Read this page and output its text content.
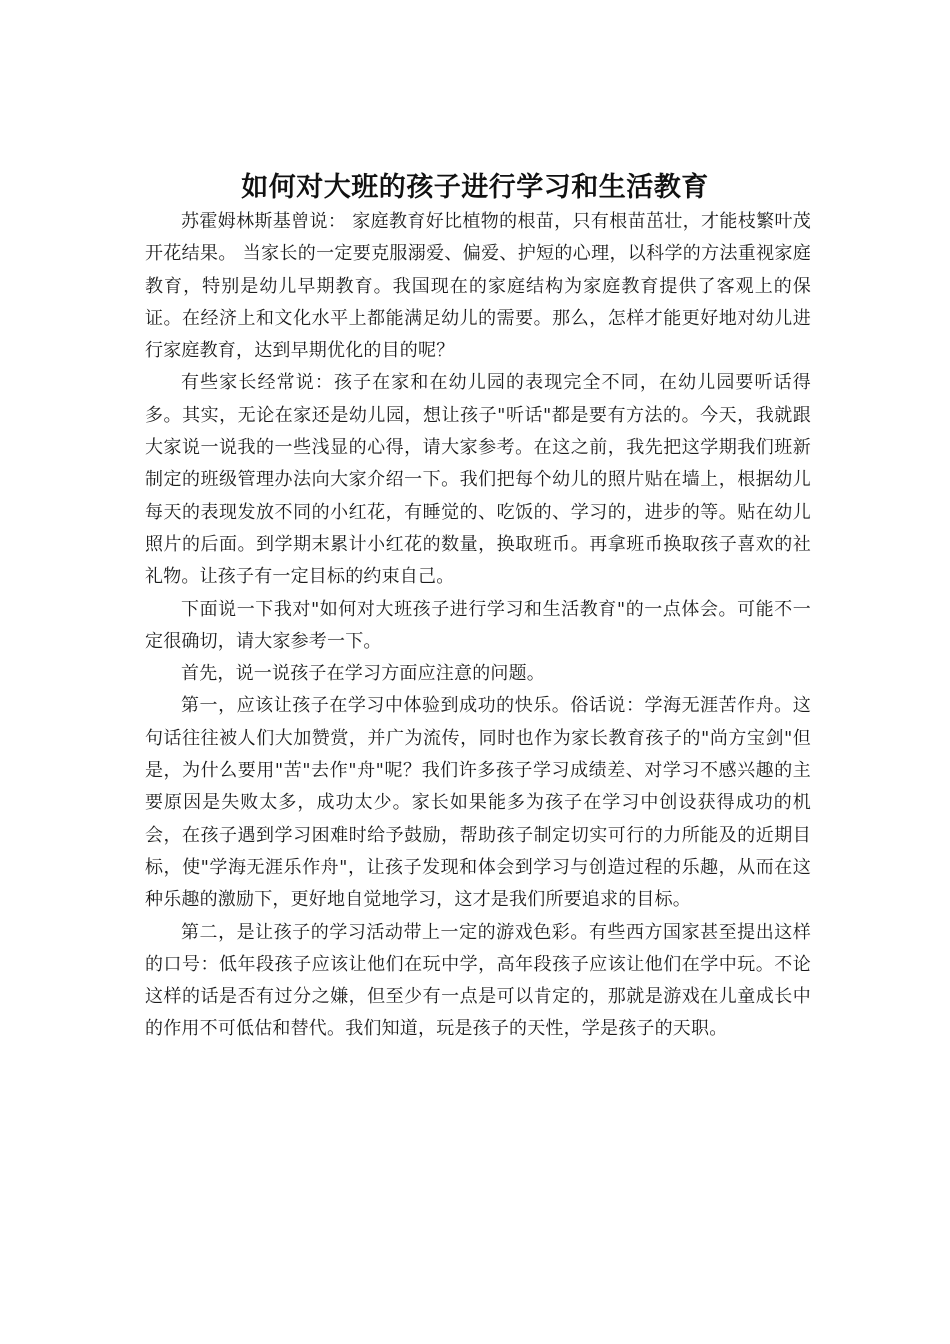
如何对大班的孩子进行学习和生活教育

苏霍姆林斯基曾说： 家庭教育好比植物的根苗，只有根苗茁壮，才能枝繁叶茂开花结果。 当家长的一定要克服溺爱、偏爱、护短的心理，以科学的方法重视家庭教育，特别是幼儿早期教育。我国现在的家庭结构为家庭教育提供了客观上的保证。在经济上和文化水平上都能满足幼儿的需要。那么，怎样才能更好地对幼儿进行家庭教育，达到早期优化的目的呢？

有些家长经常说：孩子在家和在幼儿园的表现完全不同，在幼儿园要听话得多。其实，无论在家还是幼儿园，想让孩子"听话"都是要有方法的。今天，我就跟大家说一说我的一些浅显的心得，请大家参考。在这之前，我先把这学期我们班新制定的班级管理办法向大家介绍一下。我们把每个幼儿的照片贴在墙上，根据幼儿每天的表现发放不同的小红花，有睡觉的、吃饭的、学习的，进步的等。贴在幼儿照片的后面。到学期末累计小红花的数量，换取班币。再拿班币换取孩子喜欢的社礼物。让孩子有一定目标的约束自己。

下面说一下我对"如何对大班孩子进行学习和生活教育"的一点体会。可能不一定很确切，请大家参考一下。

首先，说一说孩子在学习方面应注意的问题。

第一，应该让孩子在学习中体验到成功的快乐。俗话说：学海无涯苦作舟。这句话往往被人们大加赞赏，并广为流传，同时也作为家长教育孩子的"尚方宝剑"但是，为什么要用"苦"去作"舟"呢？我们许多孩子学习成绩差、对学习不感兴趣的主要原因是失败太多，成功太少。家长如果能多为孩子在学习中创设获得成功的机会，在孩子遇到学习困难时给予鼓励，帮助孩子制定切实可行的力所能及的近期目标，使"学海无涯乐作舟"，让孩子发现和体会到学习与创造过程的乐趣，从而在这种乐趣的激励下，更好地自觉地学习，这才是我们所要追求的目标。

第二，是让孩子的学习活动带上一定的游戏色彩。有些西方国家甚至提出这样的口号：低年段孩子应该让他们在玩中学，高年段孩子应该让他们在学中玩。不论这样的话是否有过分之嫌，但至少有一点是可以肯定的，那就是游戏在儿童成长中的作用不可低估和替代。我们知道，玩是孩子的天性，学是孩子的天职。
